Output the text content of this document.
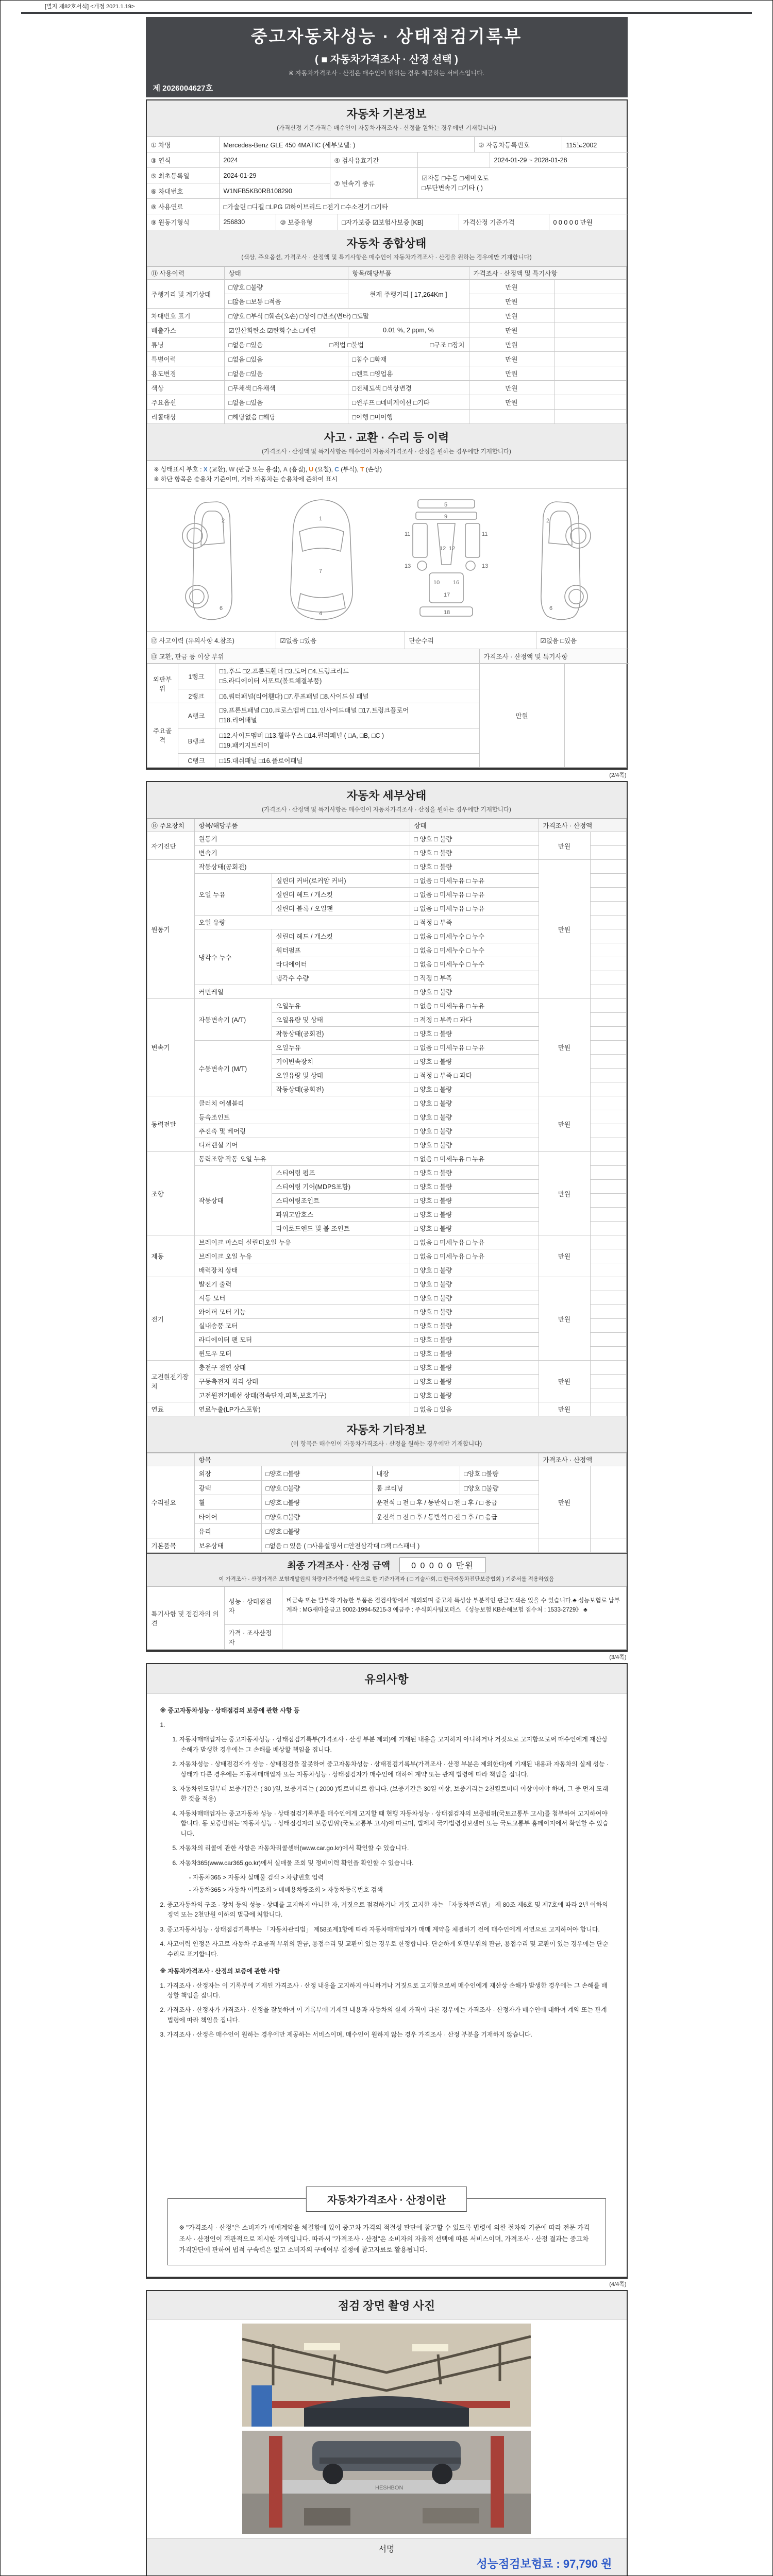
[별지 제82호서식] <개정 2021.1.19>
중고자동차성능 · 상태점검기록부
( ■ 자동차가격조사 · 산정 선택 )
※ 자동차가격조사 · 산정은 매수인이 원하는 경우 제공하는 서비스입니다.
제 2026004627호
자동차 기본정보
(가격산정 기준가격은 매수인이 자동차가격조사 · 산정을 원하는 경우에만 기재합니다)
① 차명	Mercedes-Benz GLE 450 4MATIC (세부모델: )	② 자동차등록번호	115노2002
③ 연식	2024	④ 검사유효기간	2024-01-29 ~ 2028-01-28
⑤ 최초등록일	2024-01-29
⑥ 차대번호	W1NFB5KB0RB108290
⑦ 변속기 종류
☑자동 □수동 □세미오토
□무단변속기 □기타 ( )
⑧ 사용연료	□가솔린 □디젤 □LPG ☑하이브리드 □전기 □수소전기 □기타
⑨ 원동기형식	256830	⑩ 보증유형	□자가보증 ☑보험사보증 [KB]	가격산정 기준가격	0 0 0 0 0 만원
자동차 종합상태
(색상, 주요옵션, 가격조사 · 산정액 및 특기사항은 매수인이 자동차가격조사 · 산정을 원하는 경우에만 기재합니다)
⑪ 사용이력	상태	항목/해당부품	가격조사 · 산정액 및 특기사항	
주행거리 및 계기상태	□양호 □불량	현재 주행거리 [ 17,264Km ]	만원	
	□많음 □보통 □적음		만원	
차대번호 표기	□양호 □부식 □훼손(오손) □상이 □변조(변타) □도말		만원	
배출가스	☑일산화탄소 ☑탄화수소 □매연	0.01 %, 2 ppm, %	만원	
튜닝	□없음 □있음 □적법 □불법 □구조 □장치		만원	
특별이력	□없음 □있음	□침수 □화재	만원	
용도변경	□없음 □있음	□렌트 □영업용	만원	
색상	□무채색 □유채색	□전체도색 □색상변경	만원	
주요옵션	□없음 □있음	□썬루프 □네비게이션 □기타	만원	
리콜대상	□해당없음 □해당	□이행 □미이행		
사고 · 교환 · 수리 등 이력
(가격조사 · 산정액 및 특기사항은 매수인이 자동차가격조사 · 산정을 원하는 경우에만 기재합니다)
※ 상태표시 부호 : X (교환), W (판금 또는 용접), A (흠집), U (요철), C (부식), T (손상)
※ 하단 항목은 승용차 기준이며, 기타 자동차는 승용차에 준하여 표시
2
6
1
7
4
5
9
11	11
13
12 12
13
10 16
17
18
2
6
⑫ 사고이력 (유의사항 4.참조)	☑없음 □있음	단순수리	☑없음 □있음
⑬ 교환, 판금 등 이상 부위	가격조사 · 산정액 및 특기사항
외판부위	1랭크	□1.후드 □2.프론트휀더 □3.도어 □4.트렁크리드
□5.라디에이터 서포트(볼트체결부품)	만원	
	2랭크	□6.쿼터패널(리어휀다) □7.루프패널 □8.사이드실 패널		
주요골격	A랭크	□9.프론트패널 □10.크로스멤버 □11.인사이드패널 □17.트렁크플로어
□18.리어패널		

	B랭크	□12.사이드멤버 □13.휠하우스 □14.필러패널 ( □A, □B, □C )
□19.패키지트레이		

	C랭크	□15.대쉬패널 □16.플로어패널		
(2/4쪽)
자동차 세부상태
(가격조사 · 산정액 및 특기사항은 매수인이 자동차가격조사 · 산정을 원하는 경우에만 기재합니다)
⑭ 주요장치	항목/해당부품		상태	가격조사 · 산정액	
자기진단	원동기		□ 양호 □ 불량	만원	
	변속기		□ 양호 □ 불량		
원동기	작동상태(공회전)		□ 양호 □ 불량	만원	
	오일 누유	실린더 커버(로커암 커버)	□ 없음 □ 미세누유 □ 누유		
		실린더 헤드 / 개스킷	□ 없음 □ 미세누유 □ 누유		
		실린더 블록 / 오일팬	□ 없음 □ 미세누유 □ 누유		
	오일 유량		□ 적정 □ 부족		
	냉각수 누수	실린더 헤드 / 개스킷	□ 없음 □ 미세누수 □ 누수		
		워터펌프	□ 없음 □ 미세누수 □ 누수		
		라디에이터	□ 없음 □ 미세누수 □ 누수		
		냉각수 수량	□ 적정 □ 부족		
	커먼레일		□ 양호 □ 불량		
변속기	자동변속기 (A/T)	오일누유	□ 없음 □ 미세누유 □ 누유	만원	
		오일유량 및 상태	□ 적정 □ 부족 □ 과다		
		작동상태(공회전)	□ 양호 □ 불량		
	수동변속기 (M/T)	오일누유	□ 없음 □ 미세누유 □ 누유		
		기어변속장치	□ 양호 □ 불량		
		오일유량 및 상태	□ 적정 □ 부족 □ 과다		
		작동상태(공회전)	□ 양호 □ 불량		
동력전달	클러치 어셈블리		□ 양호 □ 불량	만원	
	등속조인트		□ 양호 □ 불량		
	추진축 및 베어링		□ 양호 □ 불량		
	디퍼렌셜 기어		□ 양호 □ 불량		
조향	동력조향 작동 오일 누유		□ 없음 □ 미세누유 □ 누유	만원	
	작동상태	스티어링 펌프	□ 양호 □ 불량		
		스티어링 기어(MDPS포함)	□ 양호 □ 불량		
		스티어링조인트	□ 양호 □ 불량		
		파워고압호스	□ 양호 □ 불량		
		타이로드엔드 및 볼 조인트	□ 양호 □ 불량		
제동	브레이크 마스터 실린더오일 누유		□ 없음 □ 미세누유 □ 누유	만원	
	브레이크 오일 누유		□ 없음 □ 미세누유 □ 누유		
	배력장치 상태		□ 양호 □ 불량		
전기	발전기 출력		□ 양호 □ 불량	만원	
	시동 모터		□ 양호 □ 불량		
	와이퍼 모터 기능		□ 양호 □ 불량		
	실내송풍 모터		□ 양호 □ 불량		
	라디에이터 팬 모터		□ 양호 □ 불량		
	윈도우 모터		□ 양호 □ 불량		
고전원전기장치	충전구 절연 상태		□ 양호 □ 불량	만원	
	구동축전지 격리 상태		□ 양호 □ 불량		
	고전원전기배선 상태(접속단자,피복,보호기구)		□ 양호 □ 불량		
연료	연료누출(LP가스포함)		□ 없음 □ 있음	만원	
자동차 기타정보
(이 항목은 매수인이 자동차가격조사 · 산정을 원하는 경우에만 기재합니다)
	항목				가격조사 · 산정액	
수리필요	외장	□양호 □불량	내장	□양호 □불량	만원	
	광택	□양호 □불량	룸 크리닝	□양호 □불량		
	휠	□양호 □불량	운전석 □ 전 □ 후 / 동반석 □ 전 □ 후 / □ 응급			
	타이어	□양호 □불량	운전석 □ 전 □ 후 / 동반석 □ 전 □ 후 / □ 응급			
	유리	□양호 □불량				
기본품목	보유상태	□없음 □ 있음 ( □사용설명서 □안전삼각대 □잭 □스패너 )				
최종 가격조사 · 산정 금액	0 0 0 0 0 만원
이 가격조사 · 산정가격은 보험개발원의 차량기준가액을 바탕으로 한 기준가격과 ( □ 기술사회, □ 한국자동차진단보증협회 ) 기준서를 적용하였음
특기사항 및 점검자의 의견	성능 · 상태점검자	비금속 또는 탈부착 가능한 부품은 점검사항에서 제외되며 중고차 특성상 부분적인 판금도색은 있을 수 있습니다.♣ 성능보험료 납부계좌 : MG새마을금고 9002-1994-5215-3 예금주 : 주식회사팀모터스 《성능보험 KB손해보험 접수처 : 1533-2729》 ♣
	가격 · 조사산정자	
(3/4쪽)
유의사항
※ 중고자동차성능 · 상태점검의 보증에 관한 사항 등
1.
1. 자동차매매업자는 중고자동차성능 · 상태점검기록부(가격조사 · 산정 부분 제외)에 기재된 내용을 고지하지 아니하거나 거짓으로 고지함으로써 매수인에게 재산상 손해가 발생한 경우에는 그 손해를 배상할 책임을 집니다.
2. 자동차성능 · 상태점검자가 성능 · 상태점검을 잘못하여 중고자동차성능 · 상태점검기록부(가격조사 · 산정 부분은 제외한다)에 기재된 내용과 자동차의 실제 성능 · 상태가 다른 경우에는 자동차매매업자 또는 자동차성능 · 상태점검자가 매수인에 대하여 계약 또는 관계 법령에 따라 책임을 집니다.
3. 자동차인도일부터 보증기간은 ( 30 )일, 보증거리는 ( 2000 )킬로미터로 합니다. (보증기간은 30일 이상, 보증거리는 2천킬로미터 이상이어야 하며, 그 중 먼저 도래한 것을 적용)
4. 자동차매매업자는 중고자동차 성능 · 상태점검기록부를 매수인에게 고지할 때 현행 자동차성능 · 상태점검자의 보증범위(국토교통부 고시)를 첨부하여 고지하여야 합니다. 동 보증범위는 '자동차성능 · 상태점검자의 보증범위'(국토교통부 고시)에 따르며, 법제처 국가법령정보센터 또는 국토교통부 홈페이지에서 확인할 수 있습니다.
5. 자동차의 리콜에 관한 사항은 자동차리콜센터(www.car.go.kr)에서 확인할 수 있습니다.
6. 자동차365(www.car365.go.kr)에서 실매물 조회 및 정비이력 확인을 확인할 수 있습니다.
- 자동차365 > 자동차 실매물 검색 > 차량번호 입력
- 자동차365 > 자동차 이력조회 > 매매용차량조회 > 자동차등록번호 검색
2. 중고자동차의 구조 · 장치 등의 성능 · 상태를 고지하지 아니한 자, 거짓으로 점검하거나 거짓 고지한 자는 「자동차관리법」 제 80조 제6호 및 제7호에 따라 2년 이하의 징역 또는 2천만원 이하의 벌금에 처합니다.
3. 중고자동차성능 · 상태점검기록부는 「자동차관리법」 제58조제1항에 따라 자동차매매업자가 매매 계약을 체결하기 전에 매수인에게 서면으로 고지하여야 합니다.
4. 사고이력 인정은 사고로 자동차 주요골격 부위의 판금, 용접수리 및 교환이 있는 경우로 한정합니다. 단순하게 외판부위의 판금, 용접수리 및 교환이 있는 경우에는 단순수리로 표기합니다.
※ 자동차가격조사 · 산정의 보증에 관한 사항
1. 가격조사 · 산정자는 이 기록부에 기재된 가격조사 · 산정 내용을 고지하지 아니하거나 거짓으로 고지함으로써 매수인에게 재산상 손해가 발생한 경우에는 그 손해를 배상할 책임을 집니다.
2. 가격조사 · 산정자가 가격조사 · 산정을 잘못하여 이 기록부에 기재된 내용과 자동차의 실제 가격이 다른 경우에는 가격조사 · 산정자가 매수인에 대하여 계약 또는 관계 법령에 따라 책임을 집니다.
3. 가격조사 · 산정은 매수인이 원하는 경우에만 제공하는 서비스이며, 매수인이 원하지 않는 경우 가격조사 · 산정 부분을 기재하지 않습니다.
자동차가격조사 · 산정이란
※ "가격조사 · 산정"은 소비자가 매매계약을 체결함에 있어 중고차 가격의 적절성 판단에 참고할 수 있도록 법령에 의한 절차와 기준에 따라 전문 가격조사 · 산정인이 객관적으로 제시한 가액입니다. 따라서 "가격조사 · 산정"은 소비자의 자율적 선택에 따른 서비스이며, 가격조사 · 산정 결과는 중고차 가격판단에 관하여 법적 구속력은 없고 소비자의 구매여부 결정에 참고자료로 활용됩니다.
(4/4쪽)
점검 장면 촬영 사진
HESHBON
서명
성능점검보험료 : 97,790 원
